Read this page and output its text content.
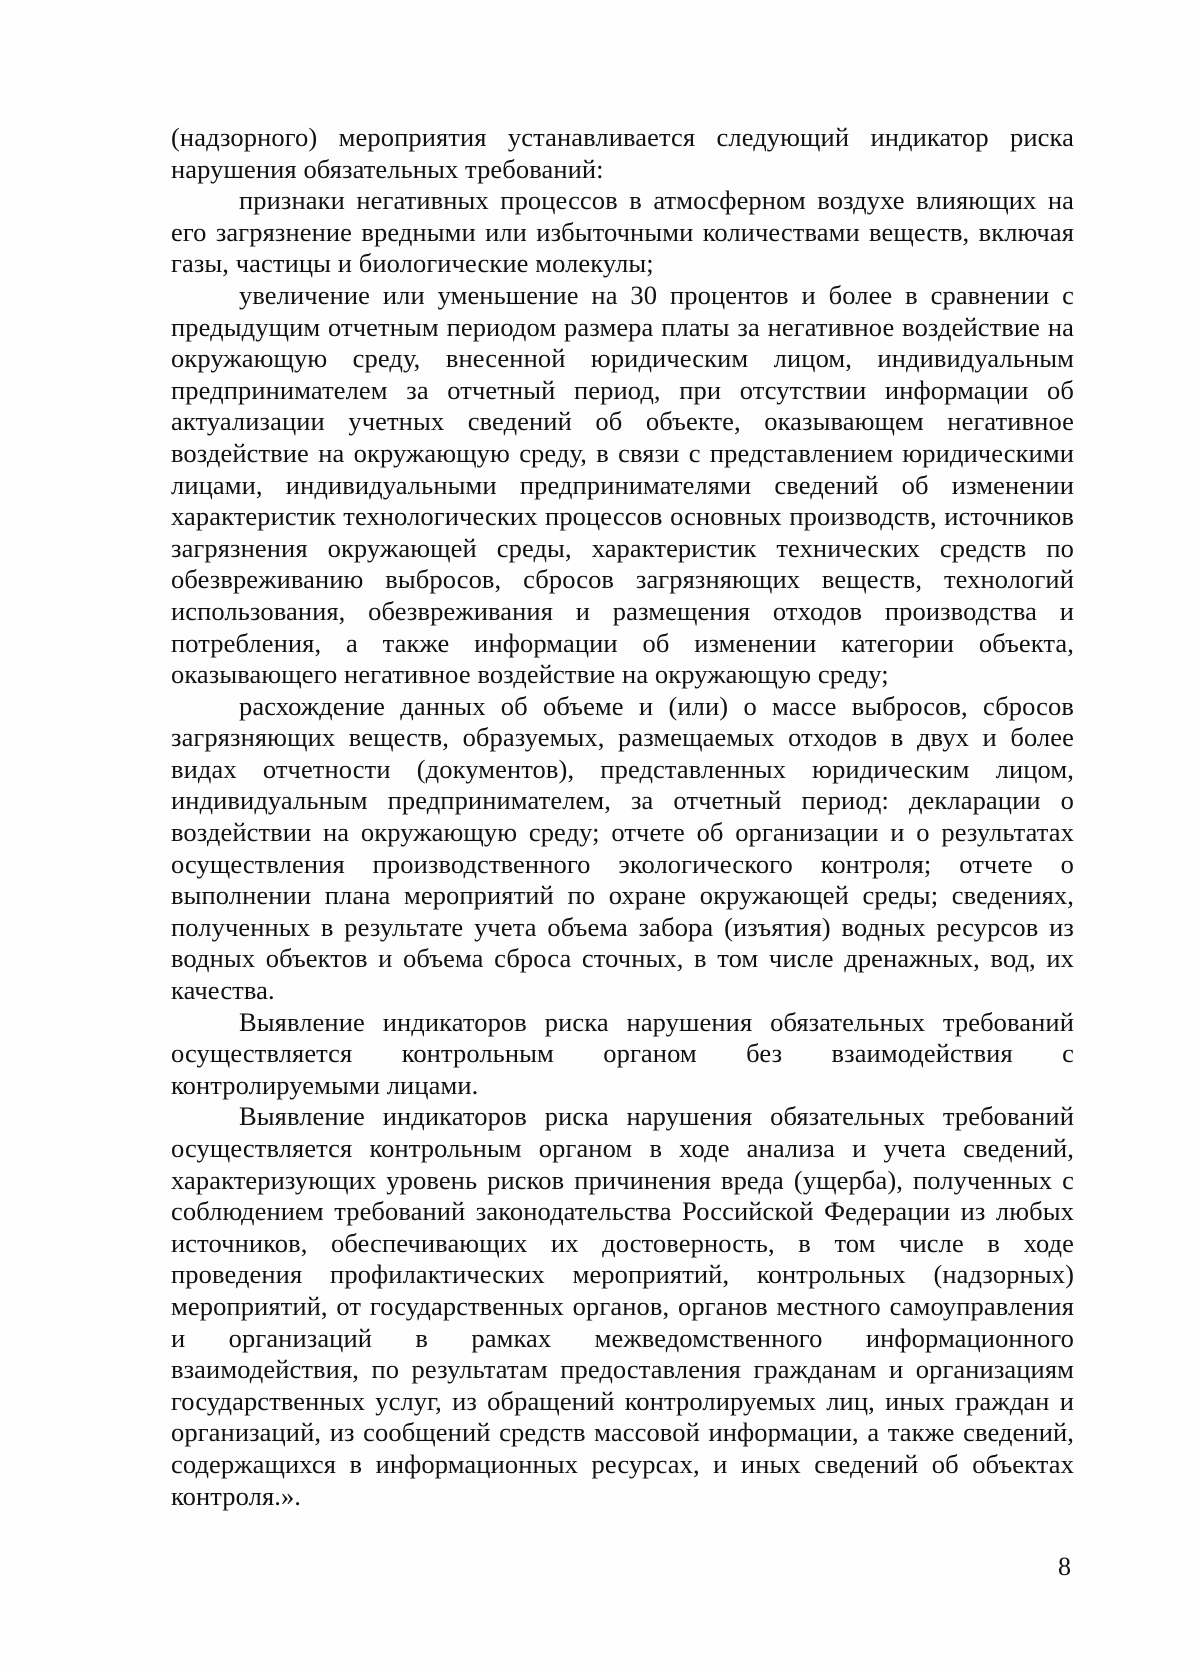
(надзорного) мероприятия устанавливается следующий индикатор риска нарушения обязательных требований:

признаки негативных процессов в атмосферном воздухе влияющих на его загрязнение вредными или избыточными количествами веществ, включая газы, частицы и биологические молекулы;

увеличение или уменьшение на 30 процентов и более в сравнении с предыдущим отчетным периодом размера платы за негативное воздействие на окружающую среду, внесенной юридическим лицом, индивидуальным предпринимателем за отчетный период, при отсутствии информации об актуализации учетных сведений об объекте, оказывающем негативное воздействие на окружающую среду, в связи с представлением юридическими лицами, индивидуальными предпринимателями сведений об изменении характеристик технологических процессов основных производств, источников загрязнения окружающей среды, характеристик технических средств по обезвреживанию выбросов, сбросов загрязняющих веществ, технологий использования, обезвреживания и размещения отходов производства и потребления, а также информации об изменении категории объекта, оказывающего негативное воздействие на окружающую среду;

расхождение данных об объеме и (или) о массе выбросов, сбросов загрязняющих веществ, образуемых, размещаемых отходов в двух и более видах отчетности (документов), представленных юридическим лицом, индивидуальным предпринимателем, за отчетный период: декларации о воздействии на окружающую среду; отчете об организации и о результатах осуществления производственного экологического контроля; отчете о выполнении плана мероприятий по охране окружающей среды; сведениях, полученных в результате учета объема забора (изъятия) водных ресурсов из водных объектов и объема сброса сточных, в том числе дренажных, вод, их качества.

Выявление индикаторов риска нарушения обязательных требований осуществляется контрольным органом без взаимодействия с контролируемыми лицами.

Выявление индикаторов риска нарушения обязательных требований осуществляется контрольным органом в ходе анализа и учета сведений, характеризующих уровень рисков причинения вреда (ущерба), полученных с соблюдением требований законодательства Российской Федерации из любых источников, обеспечивающих их достоверность, в том числе в ходе проведения профилактических мероприятий, контрольных (надзорных) мероприятий, от государственных органов, органов местного самоуправления и организаций в рамках межведомственного информационного взаимодействия, по результатам предоставления гражданам и организациям государственных услуг, из обращений контролируемых лиц, иных граждан и организаций, из сообщений средств массовой информации, а также сведений, содержащихся в информационных ресурсах, и иных сведений об объектах контроля.».

8
